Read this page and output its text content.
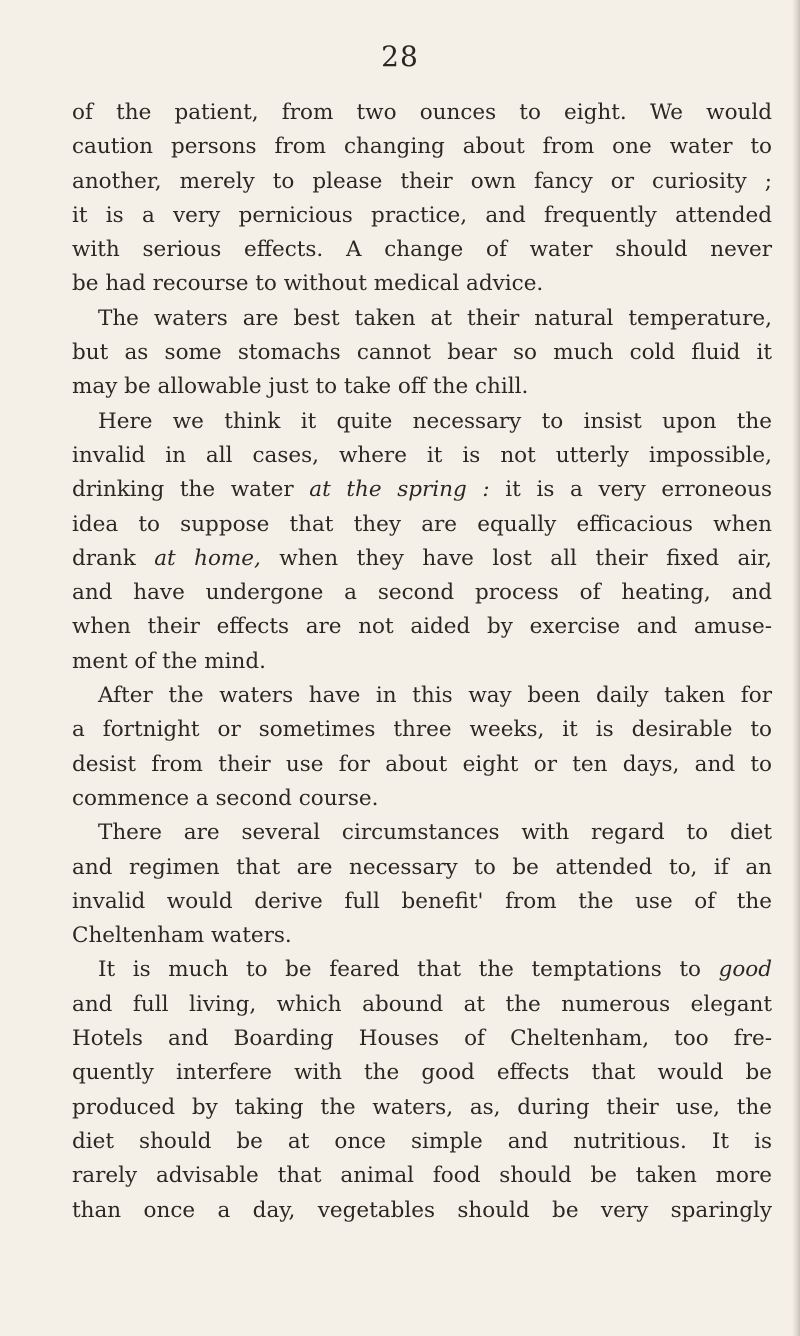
28
of the patient, from two ounces to eight. We would
caution persons from changing about from one water to
another, merely to please their own fancy or curiosity ;
it is a very pernicious practice, and frequently attended
with serious effects. A change of water should never
be had recourse to without medical advice.
The waters are best taken at their natural temperature,
but as some stomachs cannot bear so much cold fluid it
may be allowable just to take off the chill.
Here we think it quite necessary to insist upon the
invalid in all cases, where it is not utterly impossible,
drinking the water at the spring : it is a very erroneous
idea to suppose that they are equally efficacious when
drank at home, when they have lost all their fixed air,
and have undergone a second process of heating, and
when their effects are not aided by exercise and amuse-
ment of the mind.
After the waters have in this way been daily taken for
a fortnight or sometimes three weeks, it is desirable to
desist from their use for about eight or ten days, and to
commence a second course.
There are several circumstances with regard to diet
and regimen that are necessary to be attended to, if an
invalid would derive full benefit' from the use of the
Cheltenham waters.
It is much to be feared that the temptations to good
and full living, which abound at the numerous elegant
Hotels and Boarding Houses of Cheltenham, too fre-
quently interfere with the good effects that would be
produced by taking the waters, as, during their use, the
diet should be at once simple and nutritious. It is
rarely advisable that animal food should be taken more
than once a day, vegetables should be very sparingly
